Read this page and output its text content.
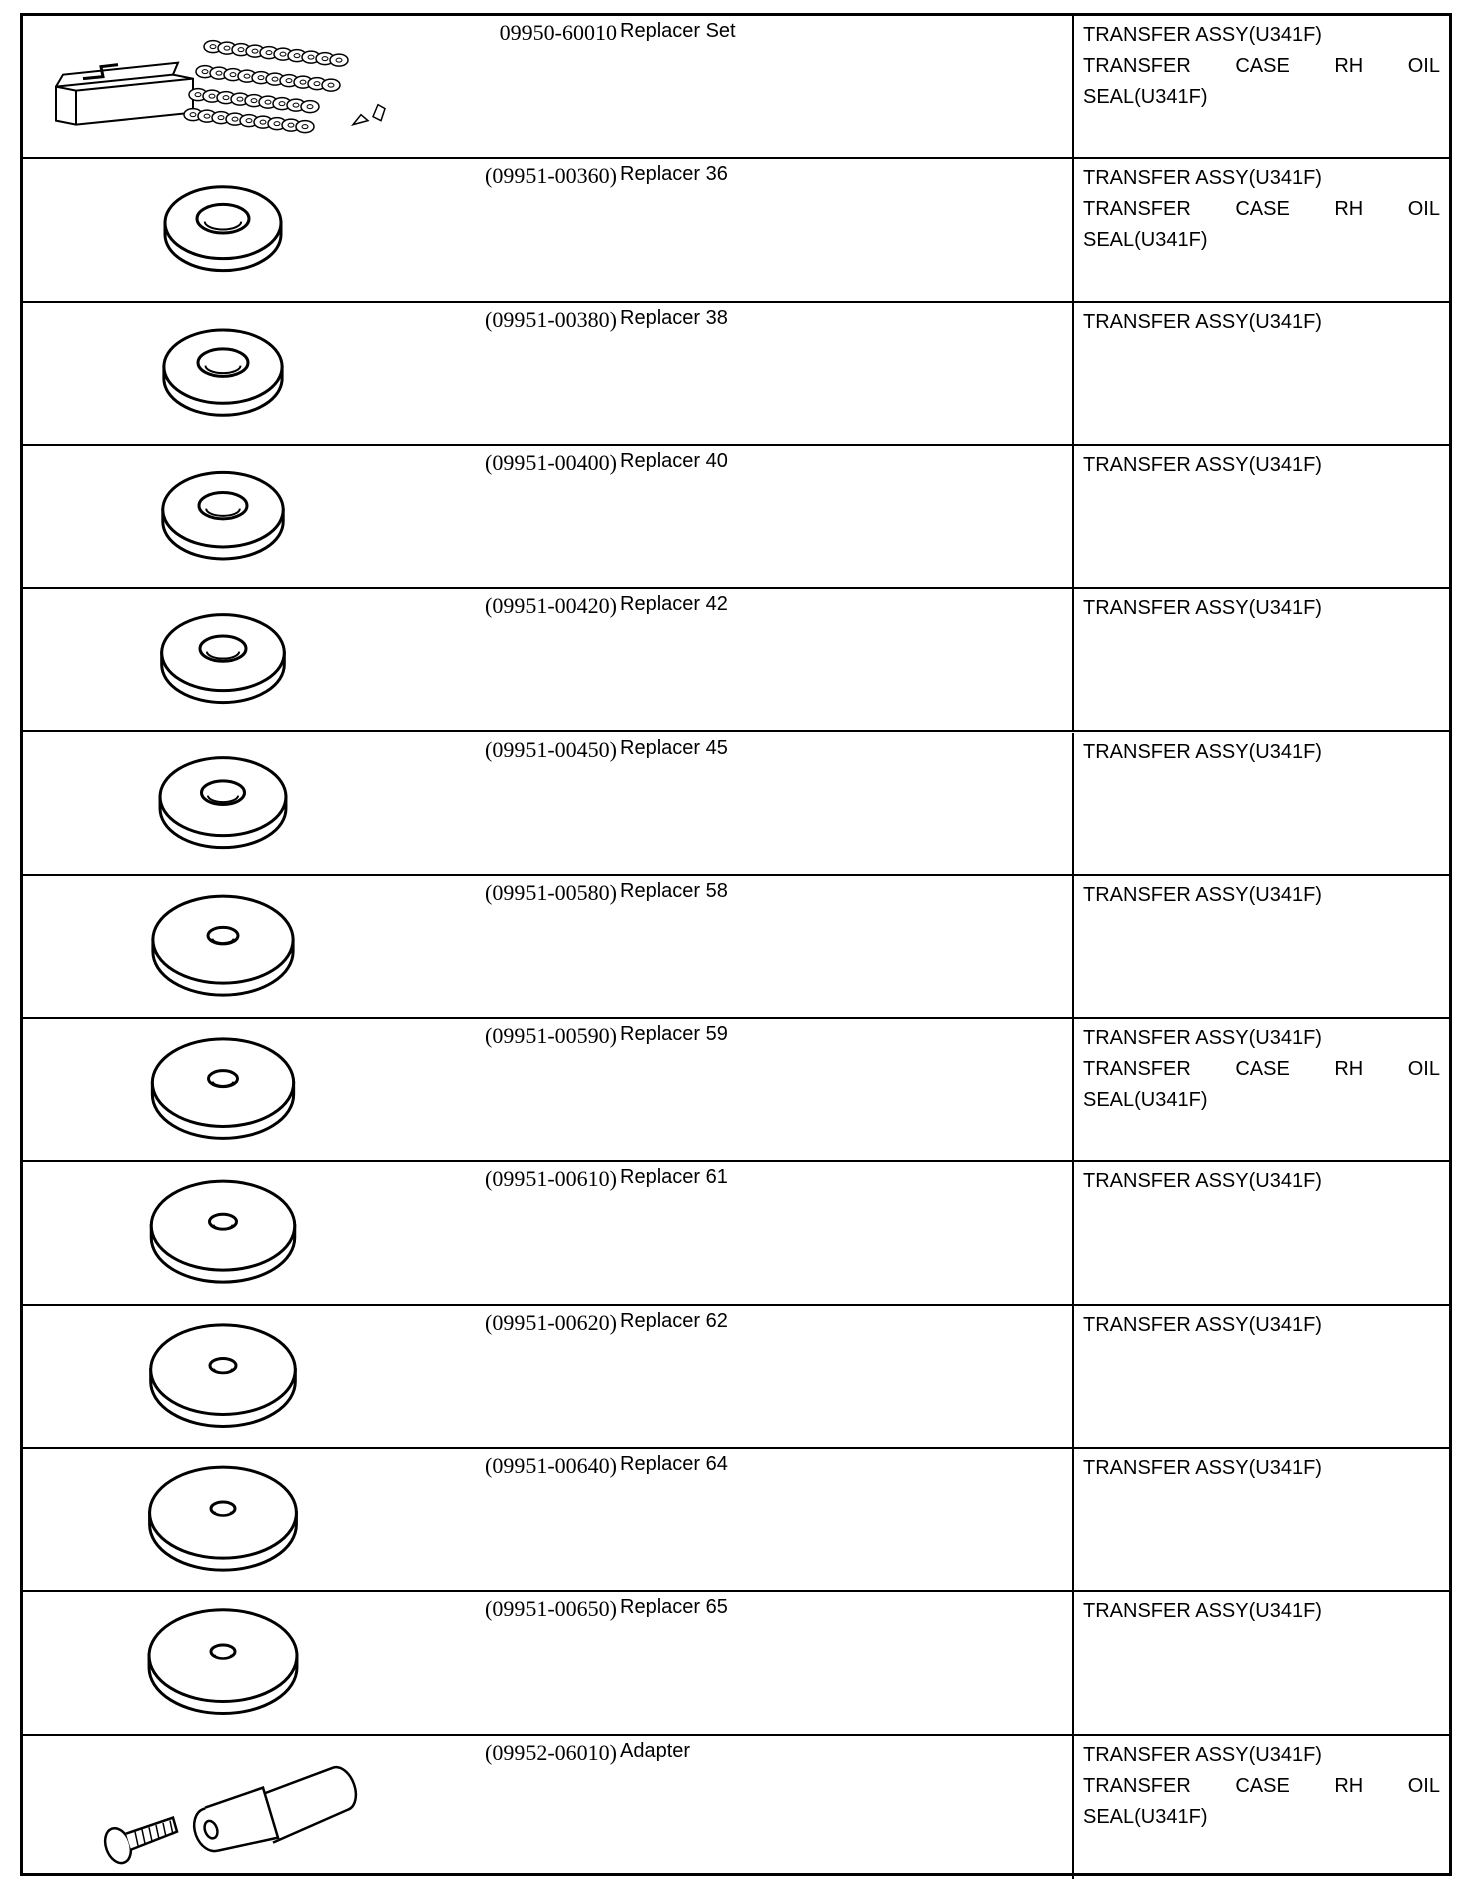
09950-60010 Replacer Set	TRANSFER ASSY(U341F)
TRANSFER CASE RH OIL
SEAL(U341F)
(09951-00360) Replacer 36	TRANSFER ASSY(U341F)
TRANSFER CASE RH OIL
SEAL(U341F)
(09951-00380) Replacer 38	TRANSFER ASSY(U341F)
(09951-00400) Replacer 40	TRANSFER ASSY(U341F)
(09951-00420) Replacer 42	TRANSFER ASSY(U341F)
(09951-00450) Replacer 45	TRANSFER ASSY(U341F)
(09951-00580) Replacer 58	TRANSFER ASSY(U341F)
(09951-00590) Replacer 59	TRANSFER ASSY(U341F)
TRANSFER CASE RH OIL
SEAL(U341F)
(09951-00610) Replacer 61	TRANSFER ASSY(U341F)
(09951-00620) Replacer 62	TRANSFER ASSY(U341F)
(09951-00640) Replacer 64	TRANSFER ASSY(U341F)
(09951-00650) Replacer 65	TRANSFER ASSY(U341F)
(09952-06010) Adapter	TRANSFER ASSY(U341F)
TRANSFER CASE RH OIL
SEAL(U341F)
